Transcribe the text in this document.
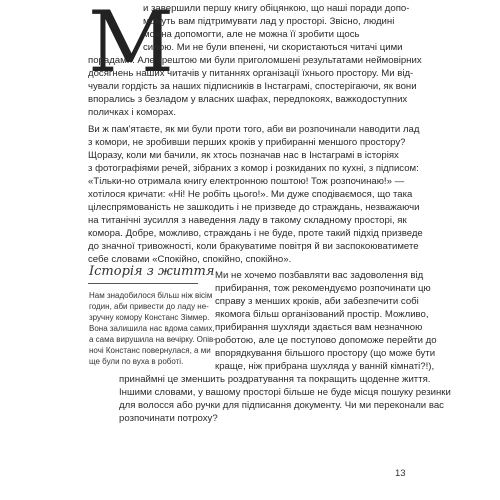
М
и завершили першу книгу обіцянкою, що наші поради допо-
можуть вам підтримувати лад у просторі. Звісно, людині
можна допомогти, але не можна її зробити щось
силою. Ми не були впенені, чи скористаються читачі цими
порадами. Але зрештою ми були приголомшені результатами неймовірних
досягнень наших читачів у питаннях організації їхнього простору. Ми від-
чували гордість за наших підписників в Інстаграмі, спостерігаючи, як вони
впорались з безладом у власних шафах, передпокоях, важкодоступних
поличках і коморах.
Ви ж пам'ятаєте, як ми були проти того, аби ви розпочинали наводити лад
з комори, не зробивши перших кроків у прибиранні меншого простору?
Щоразу, коли ми бачили, як хтось позначав нас в Інстаграмі в історіях
з фотографіями речей, зібраних з комор і розкиданих по кухні, з підписом:
«Тільки-но отримала книгу електронною поштою! Тож розпочинаю!» —
хотілося кричати: «Ні! Не робіть цього!». Ми дуже сподіваємося, що така
цілеспрямованість не зашкодить і не призведе до страждань, незважаючи
на титанічні зусилля з наведення ладу в такому складному просторі, як
комора. Добре, можливо, страждань і не буде, проте такий підхід призведе
до значної тривожності, коли бракуватиме повітря й ви заспокоюватимете
себе словами «Спокійно, спокійно, спокійно».
Історія з життя
Нам знадобилося більш ніж вісім
годин, аби привести до ладу не-
зручну комору Констанс Зіммер.
Вона залишила нас вдома самих,
а сама вирушила на вечірку. Опів-
ночі Констанс повернулася, а ми
ще були по вуха в роботі.
Ми не хочемо позбавляти вас задоволення від
прибирання, тож рекомендуємо розпочинати цю
справу з менших кроків, аби забезпечити собі
якомога більш організований простір. Можливо,
прибирання шухляди здається вам незначною
роботою, але це поступово допоможе перейти до
впорядкування більшого простору (що може бути
краще, ніж прибрана шухляда у ванній кімнаті?!),
принаймні це зменшить роздратування та покращить щоденне життя.
Іншими словами, у вашому просторі більше не буде місця пошуку резинки
для волосся або ручки для підписання документу. Чи ми переконали вас
розпочинати потроху?
13
